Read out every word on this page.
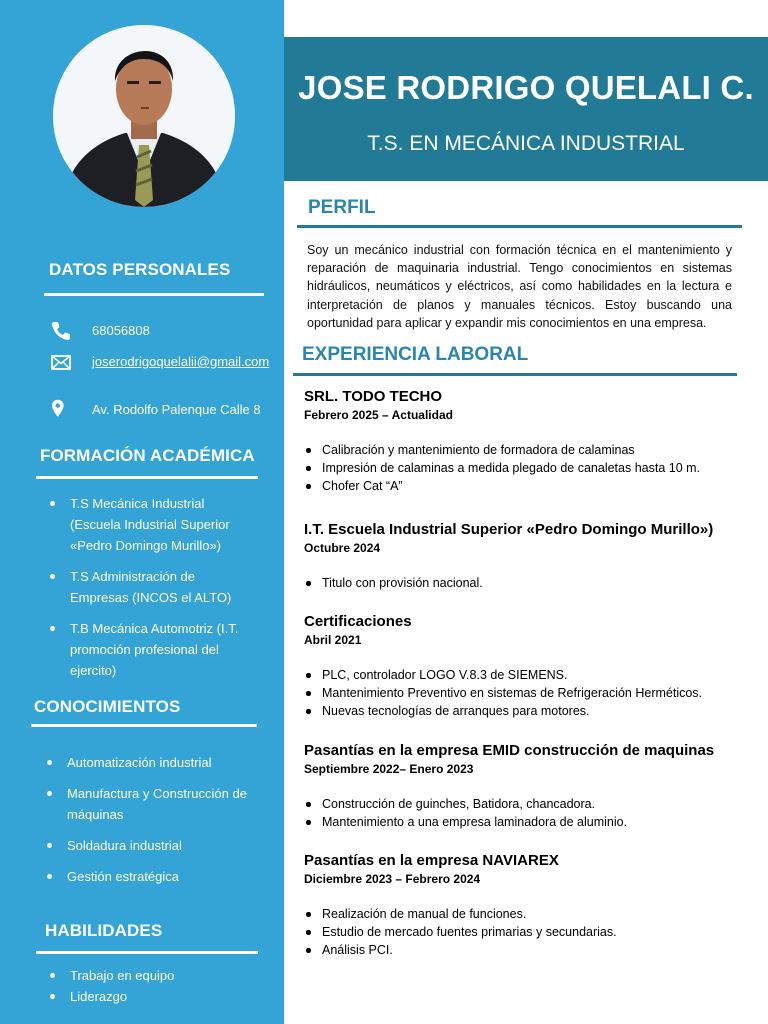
DATOS PERSONALES
68056808
joserodrigoquelalii@gmail.com
Av. Rodolfo Palenque Calle 8
FORMACIÓN ACADÉMICA
T.S Mecánica Industrial (Escuela Industrial Superior «Pedro Domingo Murillo»)
T.S Administración de Empresas (INCOS el ALTO)
T.B Mecánica Automotriz (I.T. promoción profesional del ejercito)
CONOCIMIENTOS
Automatización industrial
Manufactura y Construcción de máquinas
Soldadura industrial
Gestión estratégica
HABILIDADES
Trabajo en equipo
Liderazgo
JOSE RODRIGO QUELALI C.

T.S. EN MECÁNICA INDUSTRIAL

PERFIL

Soy un mecánico industrial con formación técnica en el mantenimiento y reparación de maquinaria industrial. Tengo conocimientos en sistemas hidráulicos, neumáticos y eléctricos, así como habilidades en la lectura e interpretación de planos y manuales técnicos. Estoy buscando una oportunidad para aplicar y expandir mis conocimientos en una empresa.

EXPERIENCIA LABORAL
SRL. TODO TECHO
Febrero 2025 – Actualidad
Calibración y mantenimiento de formadora de calaminas
Impresión de calaminas a medida plegado de canaletas hasta 10 m.
Chofer Cat “A”
I.T. Escuela Industrial Superior «Pedro Domingo Murillo»)
Octubre 2024
Titulo con provisión nacional.
Certificaciones
Abril 2021
PLC, controlador LOGO V.8.3 de SIEMENS.
Mantenimiento Preventivo en sistemas de Refrigeración Herméticos.
Nuevas tecnologías de arranques para motores.
Pasantías en la empresa EMID construcción de maquinas
Septiembre 2022– Enero 2023
Construcción de guinches, Batidora, chancadora.
Mantenimiento a una empresa laminadora de aluminio.
Pasantías en la empresa NAVIAREX
Diciembre 2023 – Febrero 2024
Realización de manual de funciones.
Estudio de mercado fuentes primarias y secundarias.
Análisis PCI.
